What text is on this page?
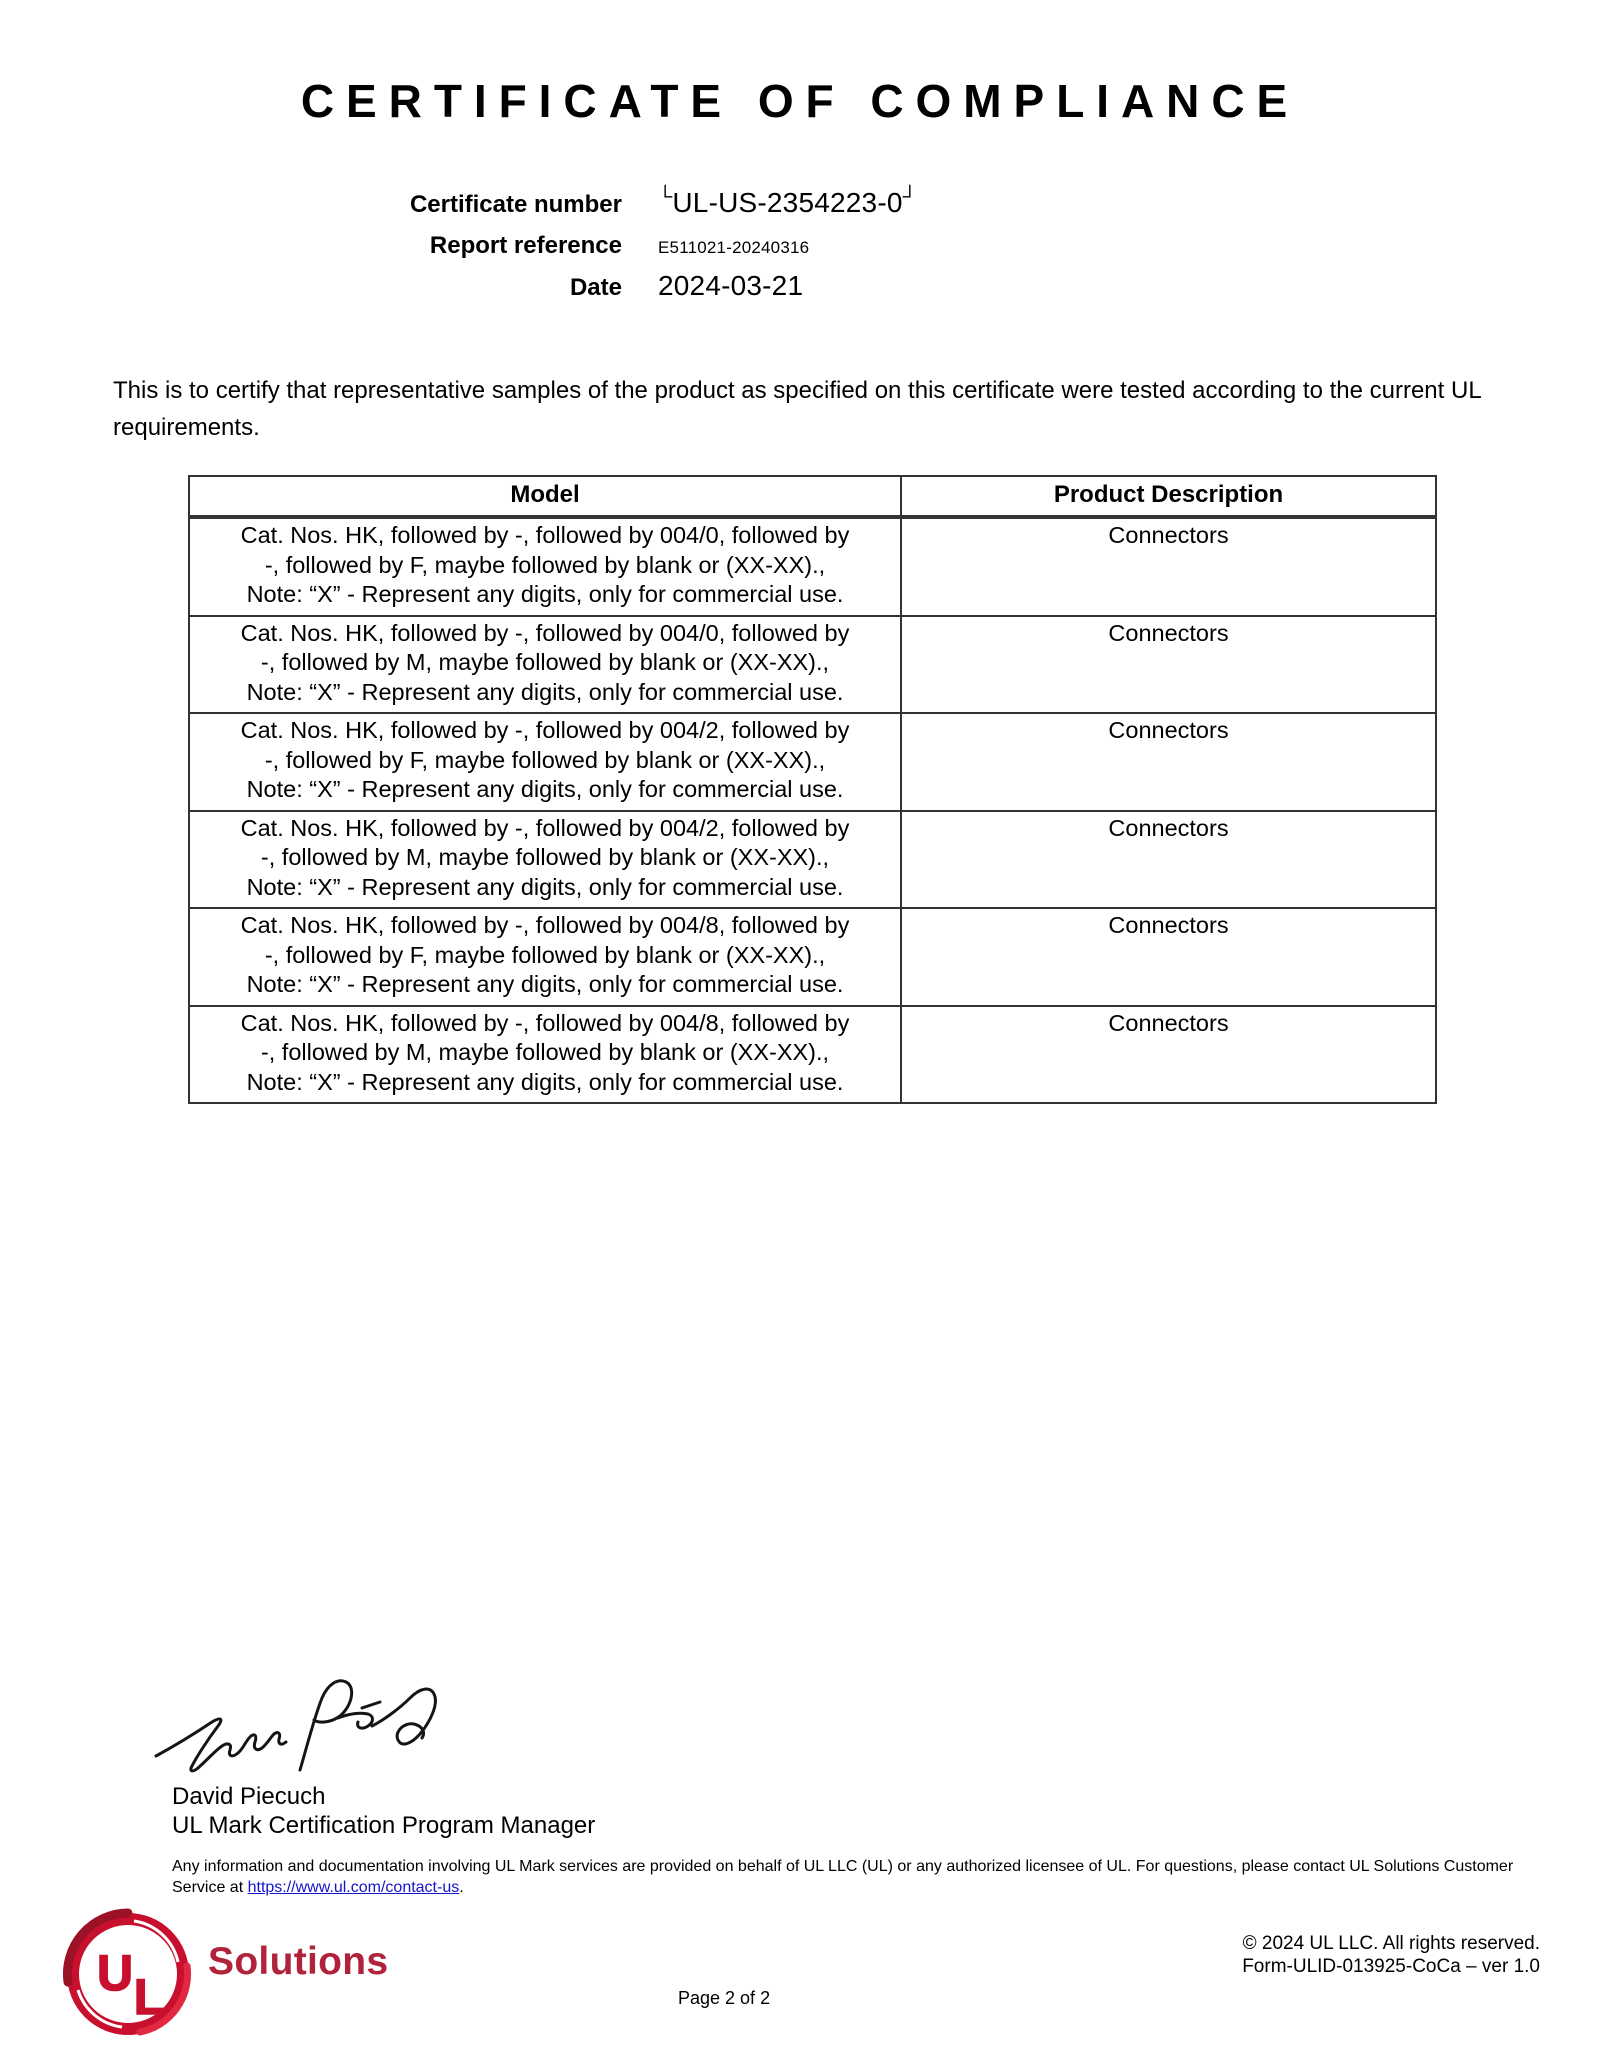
CERTIFICATE OF COMPLIANCE
Certificate number └UL-US-2354223-0┘
Report reference E511021-20240316
Date 2024-03-21
This is to certify that representative samples of the product as specified on this certificate were tested according to the current UL requirements.
Model	Product Description

Cat. Nos. HK, followed by -, followed by 004/0, followed by
-, followed by F, maybe followed by blank or (XX-XX).,
Note: “X” - Represent any digits, only for commercial use.	Connectors

Cat. Nos. HK, followed by -, followed by 004/0, followed by
-, followed by M, maybe followed by blank or (XX-XX).,
Note: “X” - Represent any digits, only for commercial use.	Connectors

Cat. Nos. HK, followed by -, followed by 004/2, followed by
-, followed by F, maybe followed by blank or (XX-XX).,
Note: “X” - Represent any digits, only for commercial use.	Connectors

Cat. Nos. HK, followed by -, followed by 004/2, followed by
-, followed by M, maybe followed by blank or (XX-XX).,
Note: “X” - Represent any digits, only for commercial use.	Connectors

Cat. Nos. HK, followed by -, followed by 004/8, followed by
-, followed by F, maybe followed by blank or (XX-XX).,
Note: “X” - Represent any digits, only for commercial use.	Connectors

Cat. Nos. HK, followed by -, followed by 004/8, followed by
-, followed by M, maybe followed by blank or (XX-XX).,
Note: “X” - Represent any digits, only for commercial use.	Connectors
David Piecuch
UL Mark Certification Program Manager
Any information and documentation involving UL Mark services are provided on behalf of UL LLC (UL) or any authorized licensee of UL. For questions, please contact UL Solutions Customer
Service at https://www.ul.com/contact-us.
U L
Solutions
Page 2 of 2
© 2024 UL LLC. All rights reserved.
Form-ULID-013925-CoCa – ver 1.0
